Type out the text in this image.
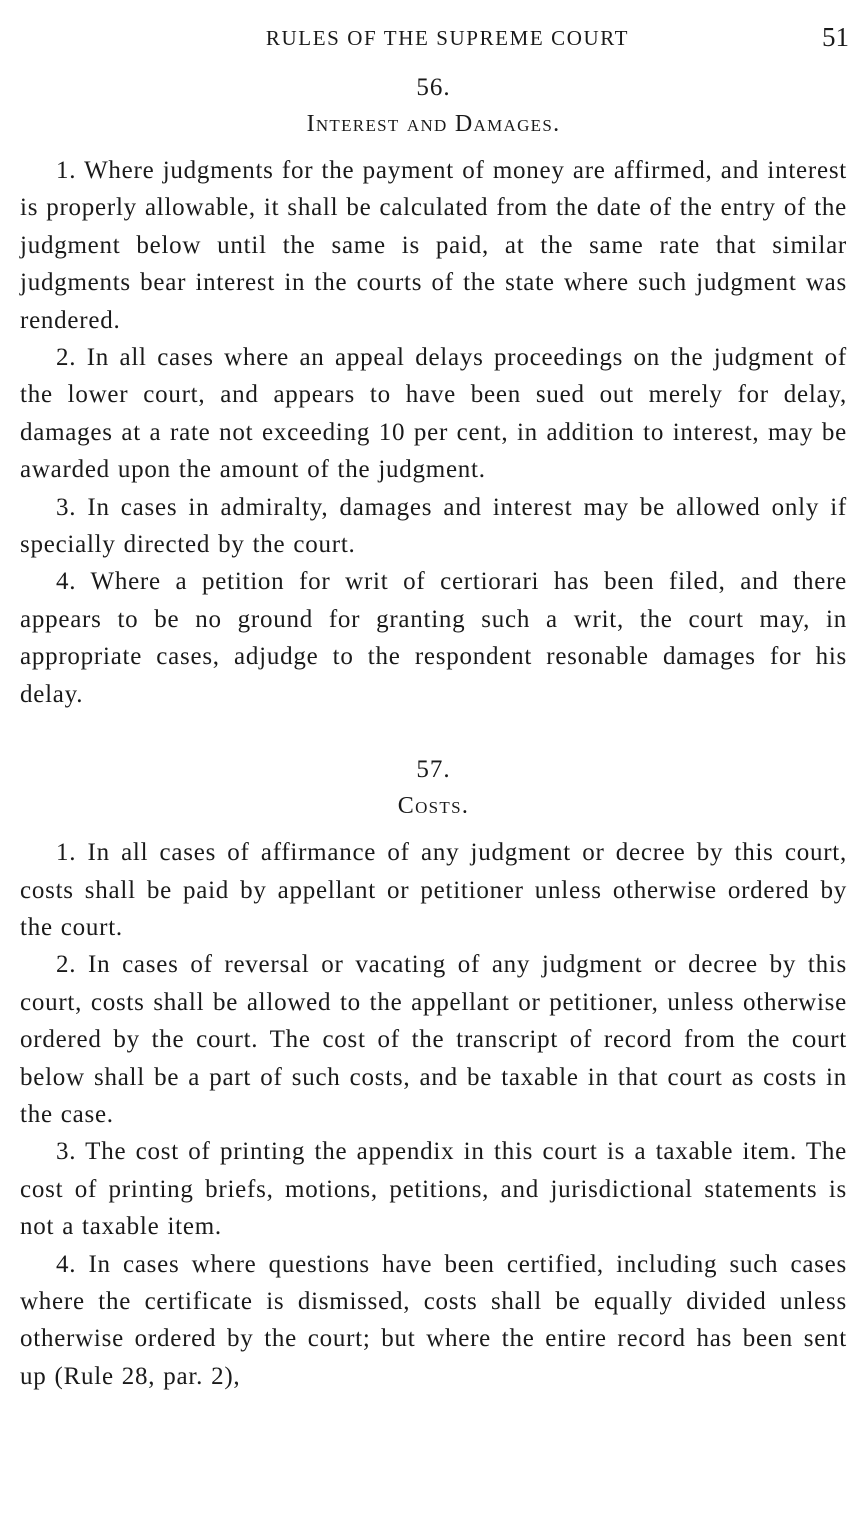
RULES OF THE SUPREME COURT	51
56.
Interest and Damages.

1. Where judgments for the payment of money are affirmed, and interest is properly allowable, it shall be calculated from the date of the entry of the judgment below until the same is paid, at the same rate that similar judgments bear interest in the courts of the state where such judgment was rendered.

2. In all cases where an appeal delays proceedings on the judgment of the lower court, and appears to have been sued out merely for delay, damages at a rate not exceeding 10 per cent, in addition to interest, may be awarded upon the amount of the judgment.

3. In cases in admiralty, damages and interest may be allowed only if specially directed by the court.

4. Where a petition for writ of certiorari has been filed, and there appears to be no ground for granting such a writ, the court may, in appropriate cases, adjudge to the respondent resonable damages for his delay.

57.
Costs.

1. In all cases of affirmance of any judgment or decree by this court, costs shall be paid by appellant or petitioner unless otherwise ordered by the court.

2. In cases of reversal or vacating of any judgment or decree by this court, costs shall be allowed to the appellant or petitioner, unless otherwise ordered by the court. The cost of the transcript of record from the court below shall be a part of such costs, and be taxable in that court as costs in the case.

3. The cost of printing the appendix in this court is a taxable item. The cost of printing briefs, motions, petitions, and jurisdictional statements is not a taxable item.

4. In cases where questions have been certified, including such cases where the certificate is dismissed, costs shall be equally divided unless otherwise ordered by the court; but where the entire record has been sent up (Rule 28, par. 2),
